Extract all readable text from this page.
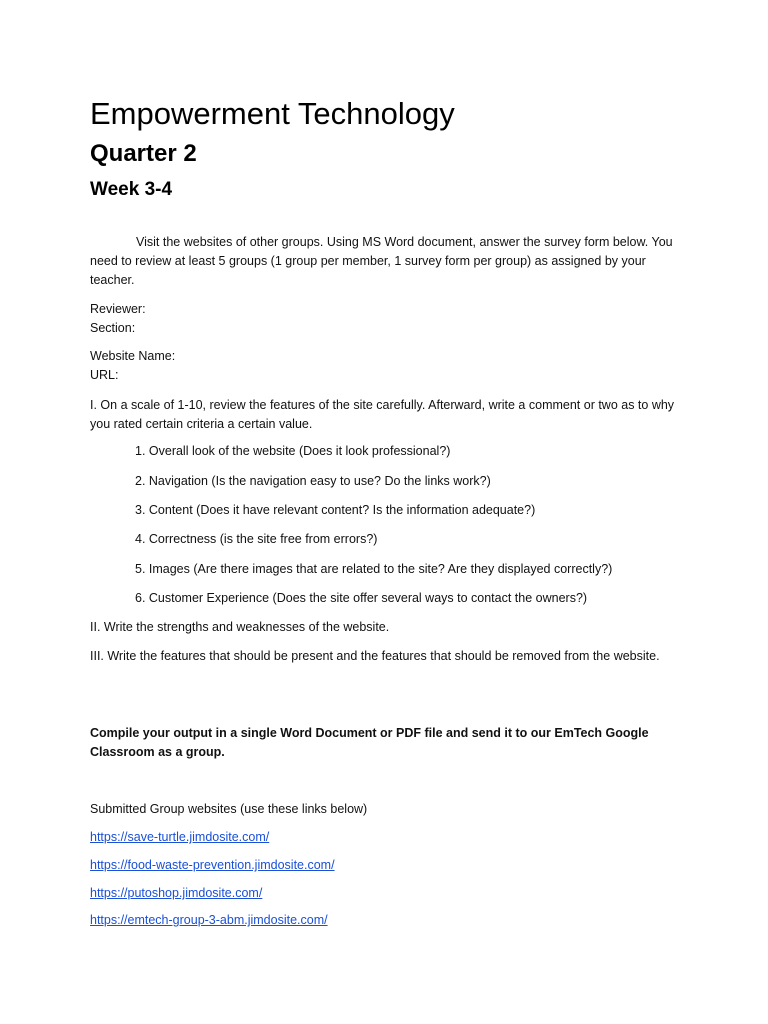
Empowerment Technology
Quarter 2
Week 3-4

Visit the websites of other groups. Using MS Word document, answer the survey form below. You need to review at least 5 groups (1 group per member, 1 survey form per group) as assigned by your teacher.

Reviewer:

Section:

Website Name:

URL:

I. On a scale of 1-10, review the features of the site carefully. Afterward, write a comment or two as to why you rated certain criteria a certain value.

1. Overall look of the website (Does it look professional?)

2. Navigation (Is the navigation easy to use? Do the links work?)

3. Content (Does it have relevant content? Is the information adequate?)

4. Correctness (is the site free from errors?)

5. Images (Are there images that are related to the site? Are they displayed correctly?)

6. Customer Experience (Does the site offer several ways to contact the owners?)

II. Write the strengths and weaknesses of the website.

III. Write the features that should be present and the features that should be removed from the website.

Compile your output in a single Word Document or PDF file and send it to our EmTech Google Classroom as a group.

Submitted Group websites (use these links below)

https://save-turtle.jimdosite.com/
https://food-waste-prevention.jimdosite.com/
https://putoshop.jimdosite.com/
https://emtech-group-3-abm.jimdosite.com/
